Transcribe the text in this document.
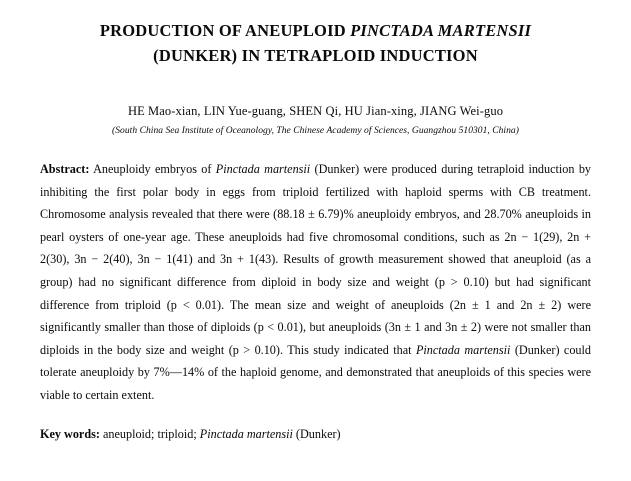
PRODUCTION OF ANEUPLOID PINCTADA MARTENSII
(DUNKER) IN TETRAPLOID INDUCTION
HE Mao-xian, LIN Yue-guang, SHEN Qi, HU Jian-xing, JIANG Wei-guo
(South China Sea Institute of Oceanology, The Chinese Academy of Sciences, Guangzhou 510301, China)
Abstract: Aneuploidy embryos of Pinctada martensii (Dunker) were produced during tetraploid induction by inhibiting the first polar body in eggs from triploid fertilized with haploid sperms with CB treatment. Chromosome analysis revealed that there were (88.18 ± 6.79)% aneuploidy embryos, and 28.70% aneuploids in pearl oysters of one-year age. These aneuploids had five chromosomal conditions, such as 2n − 1(29), 2n + 2(30), 3n − 2(40), 3n − 1(41) and 3n + 1(43). Results of growth measurement showed that aneuploid (as a group) had no significant difference from diploid in body size and weight (p > 0.10) but had significant difference from triploid (p < 0.01). The mean size and weight of aneuploids (2n ± 1 and 2n ± 2) were significantly smaller than those of diploids (p < 0.01), but aneuploids (3n ± 1 and 3n ± 2) were not smaller than diploids in the body size and weight (p > 0.10). This study indicated that Pinctada martensii (Dunker) could tolerate aneuploidy by 7%—14% of the haploid genome, and demonstrated that aneuploids of this species were viable to certain extent.
Key words: aneuploid; triploid; Pinctada martensii (Dunker)
